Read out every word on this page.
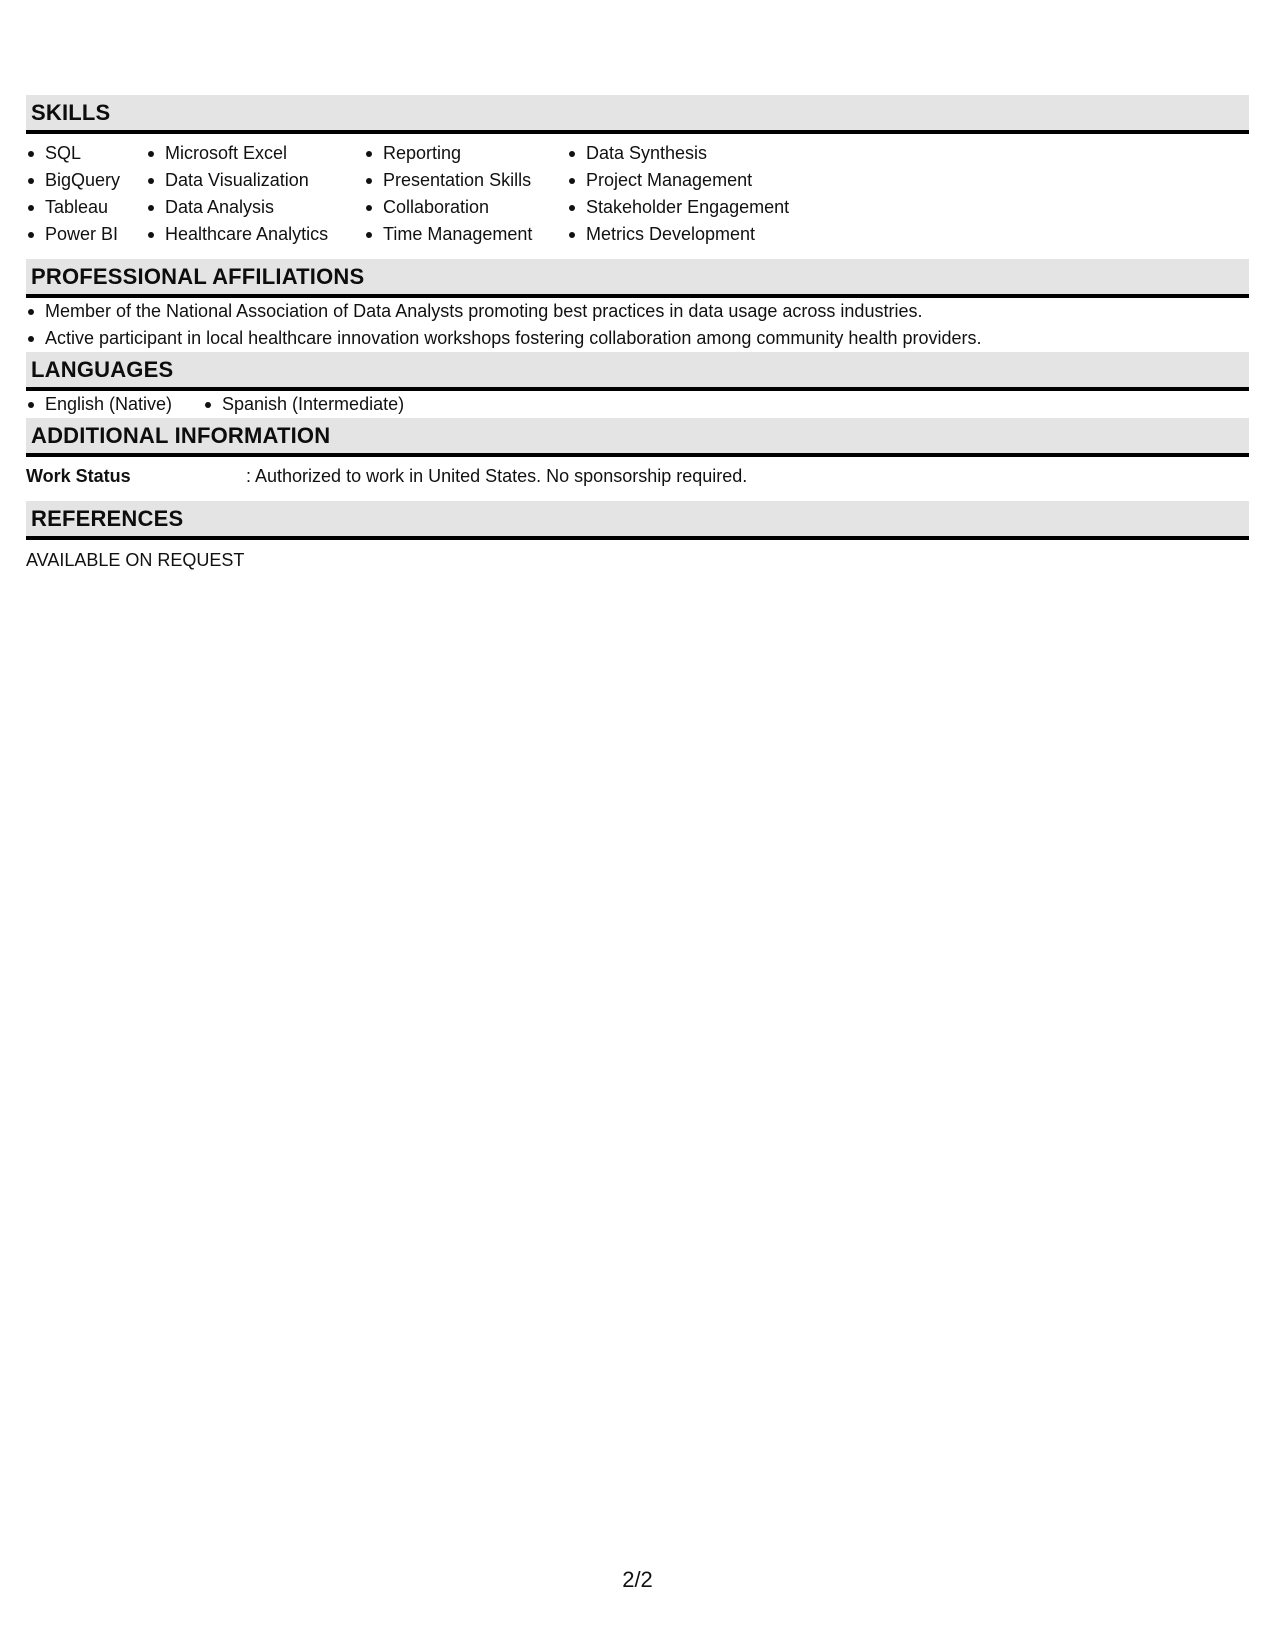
SKILLS
SQL
BigQuery
Tableau
Power BI
Microsoft Excel
Data Visualization
Data Analysis
Healthcare Analytics
Reporting
Presentation Skills
Collaboration
Time Management
Data Synthesis
Project Management
Stakeholder Engagement
Metrics Development
PROFESSIONAL AFFILIATIONS
Member of the National Association of Data Analysts promoting best practices in data usage across industries.
Active participant in local healthcare innovation workshops fostering collaboration among community health providers.
LANGUAGES
English (Native)	Spanish (Intermediate)
ADDITIONAL INFORMATION
Work Status	: Authorized to work in United States. No sponsorship required.
REFERENCES
AVAILABLE ON REQUEST
2/2
